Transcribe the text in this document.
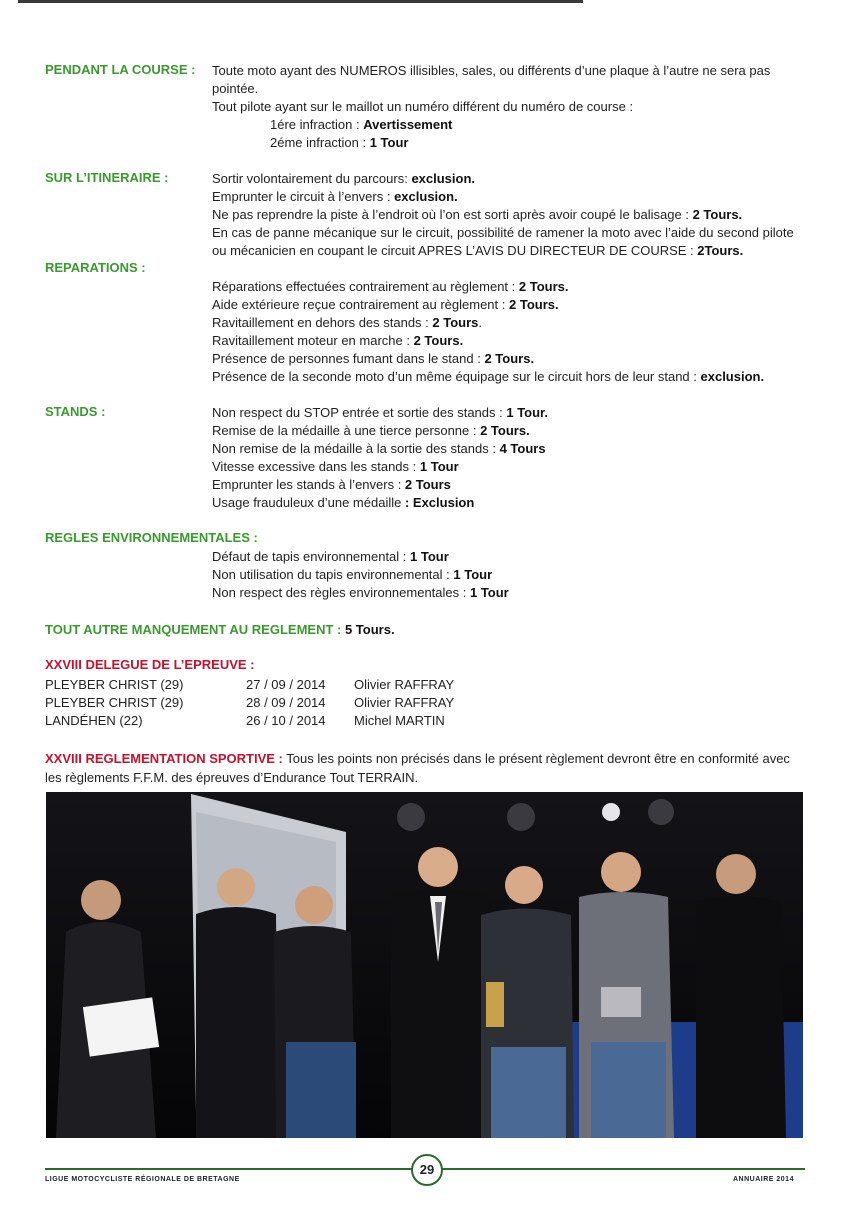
PENDANT LA COURSE : Toute moto ayant des NUMEROS illisibles, sales, ou différents d’une plaque à l’autre ne sera pas pointée.
Tout pilote ayant sur le maillot un numéro différent du numéro de course :
1ére infraction : Avertissement
2éme infraction : 1 Tour
SUR L’ITINERAIRE :	Sortir volontairement du parcours: exclusion.
Emprunter le circuit à l’envers : exclusion.
Ne pas reprendre la piste à l’endroit où l’on est sorti après avoir coupé le balisage : 2 Tours.
En cas de panne mécanique sur le circuit, possibilité de ramener la moto avec l’aide du second pilote
ou mécanicien en coupant le circuit APRES L’AVIS DU DIRECTEUR DE COURSE : 2Tours.
REPARATIONS :
Réparations effectuées contrairement au règlement : 2 Tours.
Aide extérieure reçue contrairement au règlement : 2 Tours.
Ravitaillement en dehors des stands : 2 Tours.
Ravitaillement moteur en marche : 2 Tours.
Présence de personnes fumant dans le stand : 2 Tours.
Présence de la seconde moto d’un même équipage sur le circuit hors de leur stand : exclusion.
STANDS :	Non respect du STOP entrée et sortie des stands : 1 Tour.
Remise de la médaille à une tierce personne : 2 Tours.
Non remise de la médaille à la sortie des stands : 4 Tours
Vitesse excessive dans les stands : 1 Tour
Emprunter les stands à l’envers : 2 Tours
Usage frauduleux d’une médaille : Exclusion
REGLES ENVIRONNEMENTALES :
Défaut de tapis environnemental : 1 Tour
Non utilisation du tapis environnemental : 1 Tour
Non respect des règles environnementales : 1 Tour
TOUT AUTRE MANQUEMENT AU REGLEMENT : 5 Tours.
XXVIII DELEGUE DE L’EPREUVE :
PLEYBER CHRIST (29)	27 / 09 / 2014 Olivier RAFFRAY
PLEYBER CHRIST (29)	28 / 09 / 2014 Olivier RAFFRAY
LANDÉHEN (22)	26 / 10 / 2014 Michel MARTIN
XXVIII REGLEMENTATION SPORTIVE : Tous les points non précisés dans le présent règlement devront être en conformité avec les règlements F.F.M. des épreuves d’Endurance Tout TERRAIN.
LIGUE MOTOCYCLISTE RÉGIONALE DE BRETAGNE
29
ANNUAIRE 2014
